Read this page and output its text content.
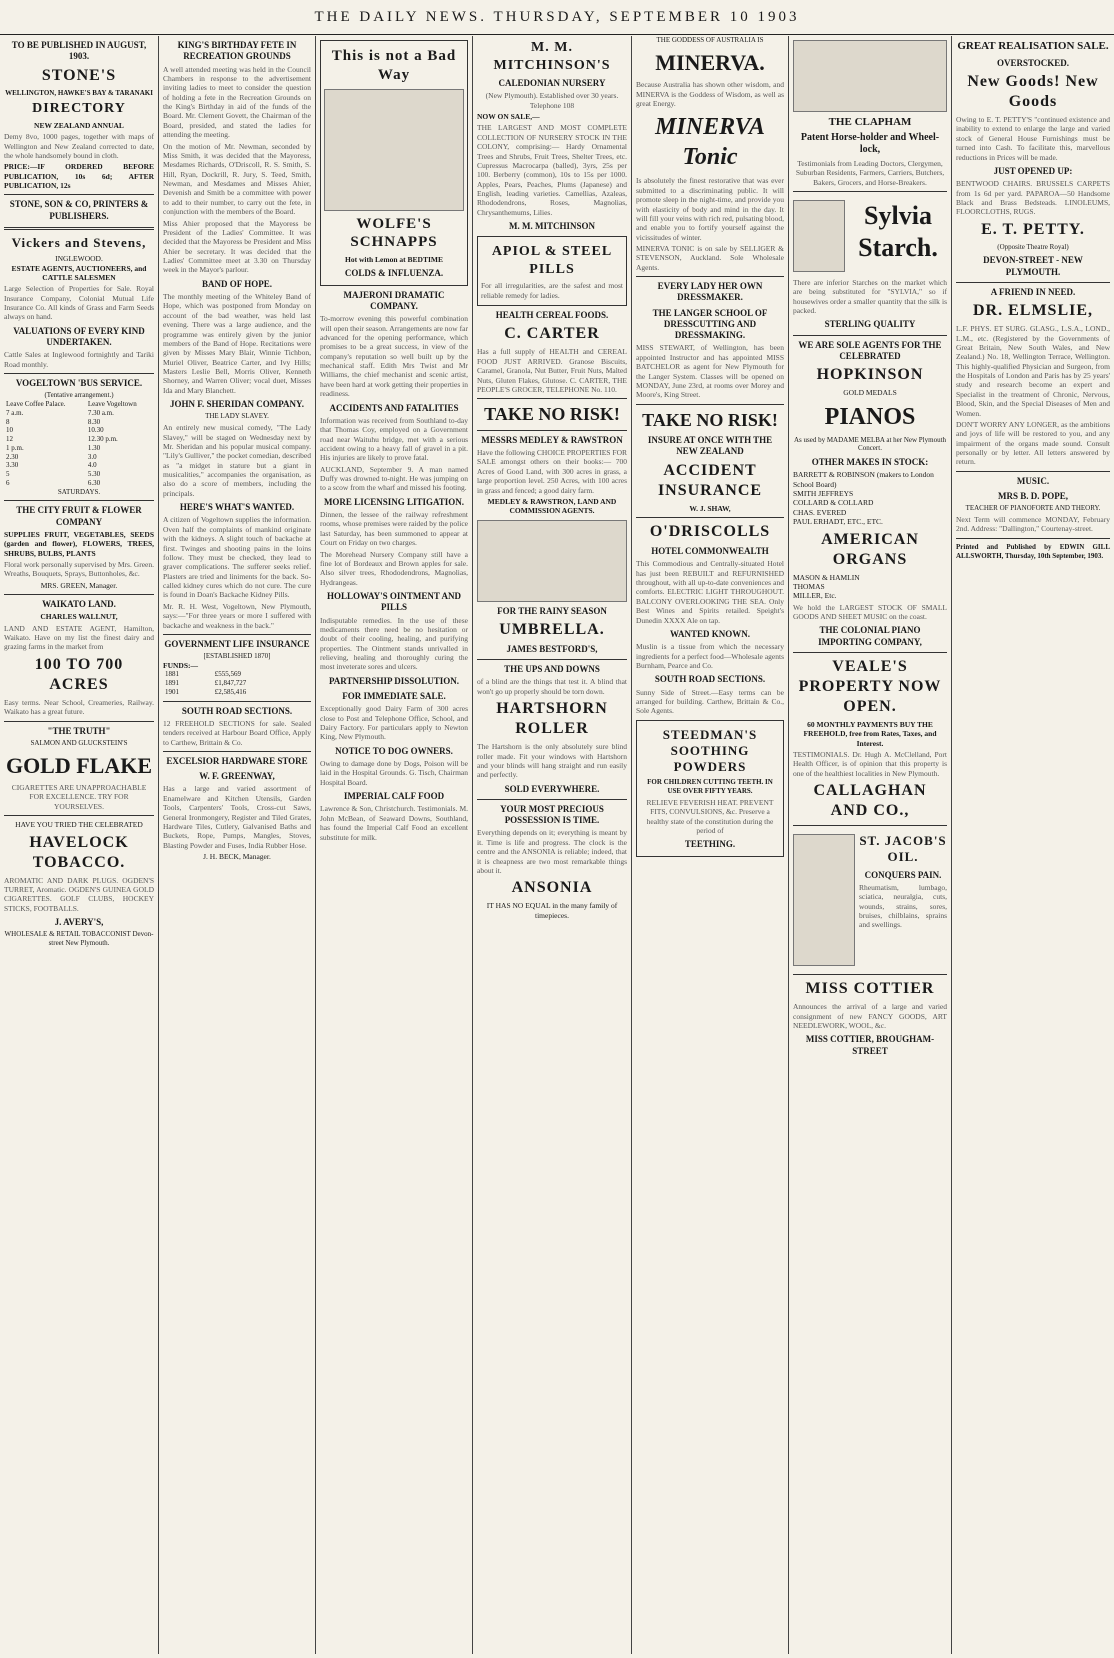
THE DAILY NEWS. THURSDAY, SEPTEMBER 10 1903
TO BE PUBLISHED IN AUGUST, 1903.
STONE'S
WELLINGTON, HAWKE'S BAY & TARANAKI
DIRECTORY
NEW ZEALAND ANNUAL

Demy 8vo, 1000 pages, together with maps of Wellington and New Zealand corrected to date, the whole handsomely bound in cloth.

PRICE:—IF ORDERED BEFORE PUBLICATION, 10s 6d; AFTER PUBLICATION, 12s

STONE, SON & CO, PRINTERS & PUBLISHERS.
Vickers and Stevens,
INGLEWOOD.
ESTATE AGENTS, AUCTIONEERS, and CATTLE SALESMEN

Large Selection of Properties for Sale. Royal Insurance Company, Colonial Mutual Life Insurance Co. All kinds of Grass and Farm Seeds always on hand.

VALUATIONS OF EVERY KIND UNDERTAKEN.

Cattle Sales at Inglewood fortnightly and Tariki Road monthly.

VOGELTOWN 'BUS SERVICE.
(Tentative arrangement.)
Leave Coffee Palace.	Leave Vogeltown
7 a.m.	7.30 a.m.
8	8.30
10	10.30
12	12.30 p.m.
1 p.m.	1.30
2.30	3.0
3.30	4.0
5	5.30
6	6.30
SATURDAYS.
THE CITY FRUIT & FLOWER COMPANY

SUPPLIES FRUIT, VEGETABLES, SEEDS (garden and flower), FLOWERS, TREES, SHRUBS, BULBS, PLANTS

Floral work personally supervised by Mrs. Green. Wreaths, Bouquets, Sprays, Buttonholes, &c.

MRS. GREEN, Manager.
WAIKATO LAND.
CHARLES WALLNUT,

LAND AND ESTATE AGENT, Hamilton, Waikato. Have on my list the finest dairy and grazing farms in the market from

100 TO 700 ACRES

Easy terms. Near School, Creameries, Railway. Waikato has a great future.

"THE TRUTH"
SALMON AND GLUCKSTEIN'S
GOLD FLAKE

CIGARETTES ARE UNAPPROACHABLE FOR EXCELLENCE. TRY FOR YOURSELVES.

HAVE YOU TRIED THE CELEBRATED
HAVELOCK TOBACCO.

AROMATIC AND DARK PLUGS. OGDEN'S TURRET, Aromatic. OGDEN'S GUINEA GOLD CIGARETTES. GOLF CLUBS, HOCKEY STICKS, FOOTBALLS.

J. AVERY'S,
WHOLESALE & RETAIL TOBACCONIST Devon-street New Plymouth.
KING'S BIRTHDAY FETE IN RECREATION GROUNDS

A well attended meeting was held in the Council Chambers in response to the advertisement inviting ladies to meet to consider the question of holding a fete in the Recreation Grounds on the King's Birthday in aid of the funds of the Board. Mr. Clement Govett, the Chairman of the Board, presided, and stated the ladies for attending the meeting.

On the motion of Mr. Newman, seconded by Miss Smith, it was decided that the Mayoress, Mesdames Richards, O'Driscoll, R. S. Smith, S. Hill, Ryan, Dockrill, R. Jury, S. Teed, Smith, Newman, and Mesdames and Misses Ahier, Devenish and Smith be a committee with power to add to their number, to carry out the fete, in conjunction with the members of the Board.

Miss Ahier proposed that the Mayoress be President of the Ladies' Committee. It was decided that the Mayoress be President and Miss Ahier be secretary. It was decided that the Ladies' Committee meet at 3.30 on Thursday week in the Mayor's parlour.

BAND OF HOPE.

The monthly meeting of the Whiteley Band of Hope, which was postponed from Monday on account of the bad weather, was held last evening. There was a large audience, and the programme was entirely given by the junior members of the Band of Hope. Recitations were given by Misses Mary Blair, Winnie Tichbon, Muriel Oliver, Beatrice Carter, and Ivy Hills; Masters Leslie Bell, Morris Oliver, Kenneth Shorney, and Warren Oliver; vocal duet, Misses Ida and Mary Blanchett.

JOHN F. SHERIDAN COMPANY.
THE LADY SLAVEY.

An entirely new musical comedy, "The Lady Slavey," will be staged on Wednesday next by Mr. Sheridan and his popular musical company. "Lily's Gulliver," the pocket comedian, described as "a midget in stature but a giant in musicalities," accompanies the organisation, as also do a score of members, including the principals.

HERE'S WHAT'S WANTED.

A citizen of Vogeltown supplies the information. Oven half the complaints of mankind originate with the kidneys. A slight touch of backache at first. Twinges and shooting pains in the loins follow. They must be checked, they lead to graver complications. The sufferer seeks relief. Plasters are tried and liniments for the back. So-called kidney cures which do not cure. The cure is found in Doan's Backache Kidney Pills.

Mr. R. H. West, Vogeltown, New Plymouth, says:—"For three years or more I suffered with backache and weakness in the back."

GOVERNMENT LIFE INSURANCE
[ESTABLISHED 1870]
FUNDS:—
1881	£555,569
1891	£1,847,727
1901	£2,585,416
SOUTH ROAD SECTIONS.

12 FREEHOLD SECTIONS for sale. Sealed tenders received at Harbour Board Office, Apply to Carthew, Brittain & Co.

EXCELSIOR HARDWARE STORE
W. F. GREENWAY,

Has a large and varied assortment of Enamelware and Kitchen Utensils, Garden Tools, Carpenters' Tools, Cross-cut Saws, General Ironmongery, Register and Tiled Grates, Hardware Tiles, Cutlery, Galvanised Baths and Buckets, Rope, Pumps, Mangles, Stoves, Blasting Powder and Fuses, India Rubber Hose.

J. H. BECK, Manager.
This is not a Bad Way
WOLFE'S SCHNAPPS
Hot with Lemon at BEDTIME
COLDS & INFLUENZA.
MAJERONI DRAMATIC COMPANY.

To-morrow evening this powerful combination will open their season. Arrangements are now far advanced for the opening performance, which promises to be a great success, in view of the company's reputation so well built up by the mechanical staff. Edith Mrs Twist and Mr Williams, the chief mechanist and scenic artist, have been hard at work getting their properties in readiness.

ACCIDENTS AND FATALITIES

Information was received from Southland to-day that Thomas Coy, employed on a Government road near Waituhu bridge, met with a serious accident owing to a heavy fall of gravel in a pit. His injuries are likely to prove fatal.

AUCKLAND, September 9. A man named Duffy was drowned to-night. He was jumping on to a scow from the wharf and missed his footing.

MORE LICENSING LITIGATION.

Dinnen, the lessee of the railway refreshment rooms, whose premises were raided by the police last Saturday, has been summoned to appear at Court on Friday on two charges.

The Morehead Nursery Company still have a fine lot of Bordeaux and Brown apples for sale. Also silver trees, Rhododendrons, Magnolias, Hydrangeas.

HOLLOWAY'S OINTMENT AND PILLS

Indisputable remedies. In the use of these medicaments there need be no hesitation or doubt of their cooling, healing, and purifying properties. The Ointment stands unrivalled in relieving, healing and thoroughly curing the most inveterate sores and ulcers.

PARTNERSHIP DISSOLUTION.
FOR IMMEDIATE SALE.

Exceptionally good Dairy Farm of 300 acres close to Post and Telephone Office, School, and Dairy Factory. For particulars apply to Newton King, New Plymouth.

NOTICE TO DOG OWNERS.

Owing to damage done by Dogs, Poison will be laid in the Hospital Grounds. G. Tisch, Chairman Hospital Board.

IMPERIAL CALF FOOD

Lawrence & Son, Christchurch. Testimonials. M. John McBean, of Seaward Downs, Southland, has found the Imperial Calf Food an excellent substitute for milk.

M. M. MITCHINSON'S
CALEDONIAN NURSERY

(New Plymouth). Established over 30 years. Telephone 108

NOW ON SALE,—

THE LARGEST AND MOST COMPLETE COLLECTION OF NURSERY STOCK IN THE COLONY, comprising:— Hardy Ornamental Trees and Shrubs, Fruit Trees, Shelter Trees, etc. Cupressus Macrocarpa (balled), 3yrs, 25s per 100. Berberry (common), 10s to 15s per 1000. Apples, Pears, Peaches, Plums (Japanese) and English, leading varieties. Camellias, Azaleas, Rhododendrons, Roses, Magnolias, Chrysanthemums, Lilies.

M. M. MITCHINSON
APIOL & STEEL PILLS

For all irregularities, are the safest and most reliable remedy for ladies.

HEALTH CEREAL FOODS.
C. CARTER

Has a full supply of HEALTH and CEREAL FOOD JUST ARRIVED. Granose Biscuits, Caramel, Granola, Nut Butter, Fruit Nuts, Malted Nuts, Gluten Flakes, Glutose. C. CARTER, THE PEOPLE'S GROCER, TELEPHONE No. 110.

TAKE NO RISK!
MESSRS MEDLEY & RAWSTRON

Have the following CHOICE PROPERTIES FOR SALE amongst others on their books:— 700 Acres of Good Land, with 300 acres in grass, a large proportion level. 250 Acres, with 100 acres in grass and fenced; a good dairy farm.

MEDLEY & RAWSTRON, LAND AND COMMISSION AGENTS.
FOR THE RAINY SEASON
UMBRELLA.
JAMES BESTFORD'S,
THE UPS AND DOWNS

of a blind are the things that test it. A blind that won't go up properly should be torn down.

HARTSHORN ROLLER

The Hartshorn is the only absolutely sure blind roller made. Fit your windows with Hartshorn and your blinds will hang straight and run easily and perfectly.

SOLD EVERYWHERE.
YOUR MOST PRECIOUS POSSESSION IS TIME.

Everything depends on it; everything is meant by it. Time is life and progress. The clock is the centre and the ANSONIA is reliable; indeed, that it is cheapness are two most remarkable things about it.

ANSONIA
IT HAS NO EQUAL in the many family of timepieces.
THE GODDESS OF AUSTRALIA IS
MINERVA.

Because Australia has shown other wisdom, and MINERVA is the Goddess of Wisdom, as well as great Energy.

MINERVA Tonic

Is absolutely the finest restorative that was ever submitted to a discriminating public. It will promote sleep in the night-time, and provide you with elasticity of body and mind in the day. It will fill your veins with rich red, pulsating blood, and enable you to fortify yourself against the vicissitudes of winter.

MINERVA TONIC is on sale by SELLIGER & STEVENSON, Auckland. Sole Wholesale Agents.

EVERY LADY HER OWN DRESSMAKER.
THE LANGER SCHOOL OF DRESSCUTTING AND DRESSMAKING.

MISS STEWART, of Wellington, has been appointed Instructor and has appointed MISS BATCHELOR as agent for New Plymouth for the Langer System. Classes will be opened on MONDAY, June 23rd, at rooms over Morey and Moore's, King Street.

TAKE NO RISK!
INSURE AT ONCE WITH THE NEW ZEALAND
ACCIDENT INSURANCE
W. J. SHAW,
O'DRISCOLLS
HOTEL COMMONWEALTH

This Commodious and Centrally-situated Hotel has just been REBUILT and REFURNISHED throughout, with all up-to-date conveniences and comforts. ELECTRIC LIGHT THROUGHOUT. BALCONY OVERLOOKING THE SEA. Only Best Wines and Spirits retailed. Speight's Dunedin XXXX Ale on tap.

WANTED KNOWN.

Muslin is a tissue from which the necessary ingredients for a perfect food—Wholesale agents Burnham, Pearce and Co.

SOUTH ROAD SECTIONS.

Sunny Side of Street.—Easy terms can be arranged for building. Carthew, Brittain & Co., Sole Agents.

STEEDMAN'S SOOTHING POWDERS
FOR CHILDREN CUTTING TEETH. IN USE OVER FIFTY YEARS.

RELIEVE FEVERISH HEAT. PREVENT FITS, CONVULSIONS, &c. Preserve a healthy state of the constitution during the period of

TEETHING.
THE CLAPHAM
Patent Horse-holder and Wheel-lock,

Testimonials from Leading Doctors, Clergymen, Suburban Residents, Farmers, Carriers, Butchers, Bakers, Grocers, and Horse-Breakers.

Sylvia Starch.

There are inferior Starches on the market which are being substituted for "SYLVIA," so if housewives order a smaller quantity that the silk is packed.

STERLING QUALITY
WE ARE SOLE AGENTS FOR THE CELEBRATED
HOPKINSON
GOLD MEDALS
PIANOS
As used by MADAME MELBA at her New Plymouth Concert.
OTHER MAKES IN STOCK:
BARRETT & ROBINSON (makers to London School Board)
SMITH JEFFREYS
COLLARD & COLLARD
CHAS. EVERED
PAUL ERHADT, ETC., ETC.
AMERICAN ORGANS
MASON & HAMLIN
THOMAS
MILLER, Etc.

We hold the LARGEST STOCK OF SMALL GOODS AND SHEET MUSIC on the coast.

THE COLONIAL PIANO IMPORTING COMPANY,
VEALE'S PROPERTY NOW OPEN.
60 MONTHLY PAYMENTS BUY THE FREEHOLD, free from Rates, Taxes, and Interest.

TESTIMONIALS. Dr. Hugh A. McClelland, Port Health Officer, is of opinion that this property is one of the healthiest localities in New Plymouth.

CALLAGHAN AND CO.,
ST. JACOB'S OIL.
CONQUERS PAIN.

Rheumatism, lumbago, sciatica, neuralgia, cuts, wounds, strains, sores, bruises, chilblains, sprains and swellings.

MISS COTTIER

Announces the arrival of a large and varied consignment of new FANCY GOODS, ART NEEDLEWORK, WOOL, &c.

MISS COTTIER, BROUGHAM-STREET
GREAT REALISATION SALE.
OVERSTOCKED.
New Goods! New Goods

Owing to E. T. PETTY'S "continued existence and inability to extend to enlarge the large and varied stock of General House Furnishings must be turned into Cash. To facilitate this, marvellous reductions in Prices will be made.

JUST OPENED UP:

BENTWOOD CHAIRS. BRUSSELS CARPETS from 1s 6d per yard. PAPAROA—50 Handsome Black and Brass Bedsteads. LINOLEUMS, FLOORCLOTHS, RUGS.

E. T. PETTY.
(Opposite Theatre Royal)
DEVON-STREET - NEW PLYMOUTH.
A FRIEND IN NEED.
DR. ELMSLIE,

L.F. PHYS. ET SURG. GLASG., L.S.A., LOND., L.M., etc. (Registered by the Governments of Great Britain, New South Wales, and New Zealand.) No. 18, Wellington Terrace, Wellington. This highly-qualified Physician and Surgeon, from the Hospitals of London and Paris has by 25 years' study and research become an expert and Specialist in the treatment of Chronic, Nervous, Blood, Skin, and the Special Diseases of Men and Women.

DON'T WORRY ANY LONGER, as the ambitions and joys of life will be restored to you, and any impairment of the organs made sound. Consult personally or by letter. All letters answered by return.

MUSIC.
MRS B. D. POPE,
TEACHER OF PIANOFORTE AND THEORY.

Next Term will commence MONDAY, February 2nd. Address: "Dallington," Courtenay-street.

Printed and Published by EDWIN GILL ALLSWORTH, Thursday, 10th September, 1903.
